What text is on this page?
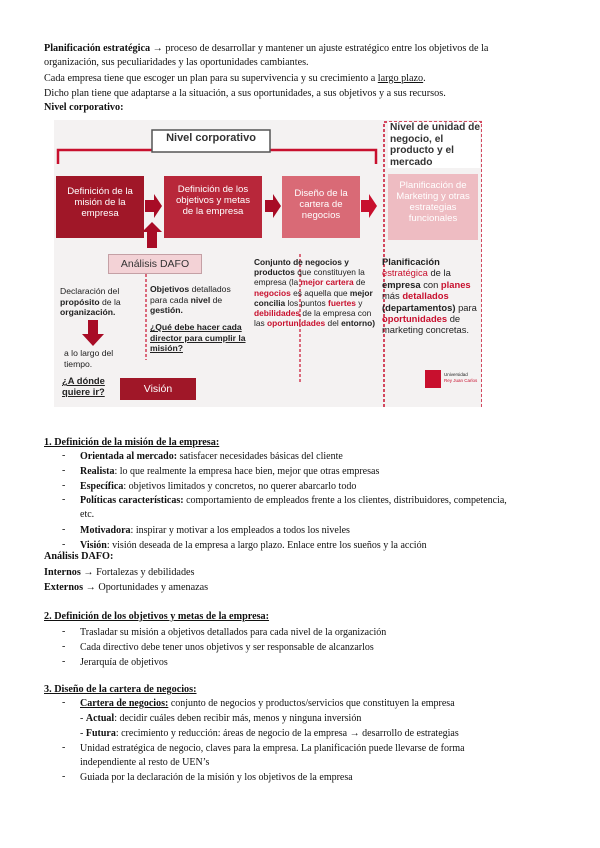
Planificación estratégica → proceso de desarrollar y mantener un ajuste estratégico entre los objetivos de la
organización, sus peculiaridades y las oportunidades cambiantes.
Cada empresa tiene que escoger un plan para su supervivencia y su crecimiento a largo plazo.
Dicho plan tiene que adaptarse a la situación, a sus oportunidades, a sus objetivos y a sus recursos.
Nivel corporativo:
Nivel corporativo
Nivel de unidad de negocio, el producto y el mercado
Definición de la misión de la empresa
Definición de los objetivos y metas de la empresa
Diseño de la cartera de negocios
Planificación de Marketing y otras estrategias funcionales
Análisis DAFO
Declaración del
propósito de la
organización.
a lo largo del
tiempo.
Objetivos detallados
para cada nivel de
gestión.
¿Qué debe hacer cada director para cumplir la misión?
Conjunto de negocios y productos que constituyen la empresa (la mejor cartera de negocios es aquella que mejor concilia los puntos fuertes y debilidades de la empresa con las oportunidades del entorno)
Planificación estratégica de la empresa con planes más detallados (departamentos) para oportunidades de marketing concretas.
¿A dónde quiere ir?	Visión
Universidad
Rey Juan Carlos
1. Definición de la misión de la empresa:
- Orientada al mercado: satisfacer necesidades básicas del cliente
- Realista: lo que realmente la empresa hace bien, mejor que otras empresas
- Específica: objetivos limitados y concretos, no querer abarcarlo todo
- Políticas características: comportamiento de empleados frente a los clientes, distribuidores, competencia,
- Motivadora: inspirar y motivar a los empleados a todos los niveles
- Visión: visión deseada de la empresa a largo plazo. Enlace entre los sueños y la acción
etc.
Análisis DAFO:
Internos → Fortalezas y debilidades
Externos → Oportunidades y amenazas
2. Definición de los objetivos y metas de la empresa:
- Trasladar su misión a objetivos detallados para cada nivel de la organización
- Cada directivo debe tener unos objetivos y ser responsable de alcanzarlos
- Jerarquía de objetivos
3. Diseño de la cartera de negocios:
- Cartera de negocios: conjunto de negocios y productos/servicios que constituyen la empresa
- Actual: decidir cuáles deben recibir más, menos y ninguna inversión
- Futura: crecimiento y reducción: áreas de negocio de la empresa → desarrollo de estrategias
- Unidad estratégica de negocio, claves para la empresa. La planificación puede llevarse de forma
independiente al resto de UEN’s
- Guiada por la declaración de la misión y los objetivos de la empresa
